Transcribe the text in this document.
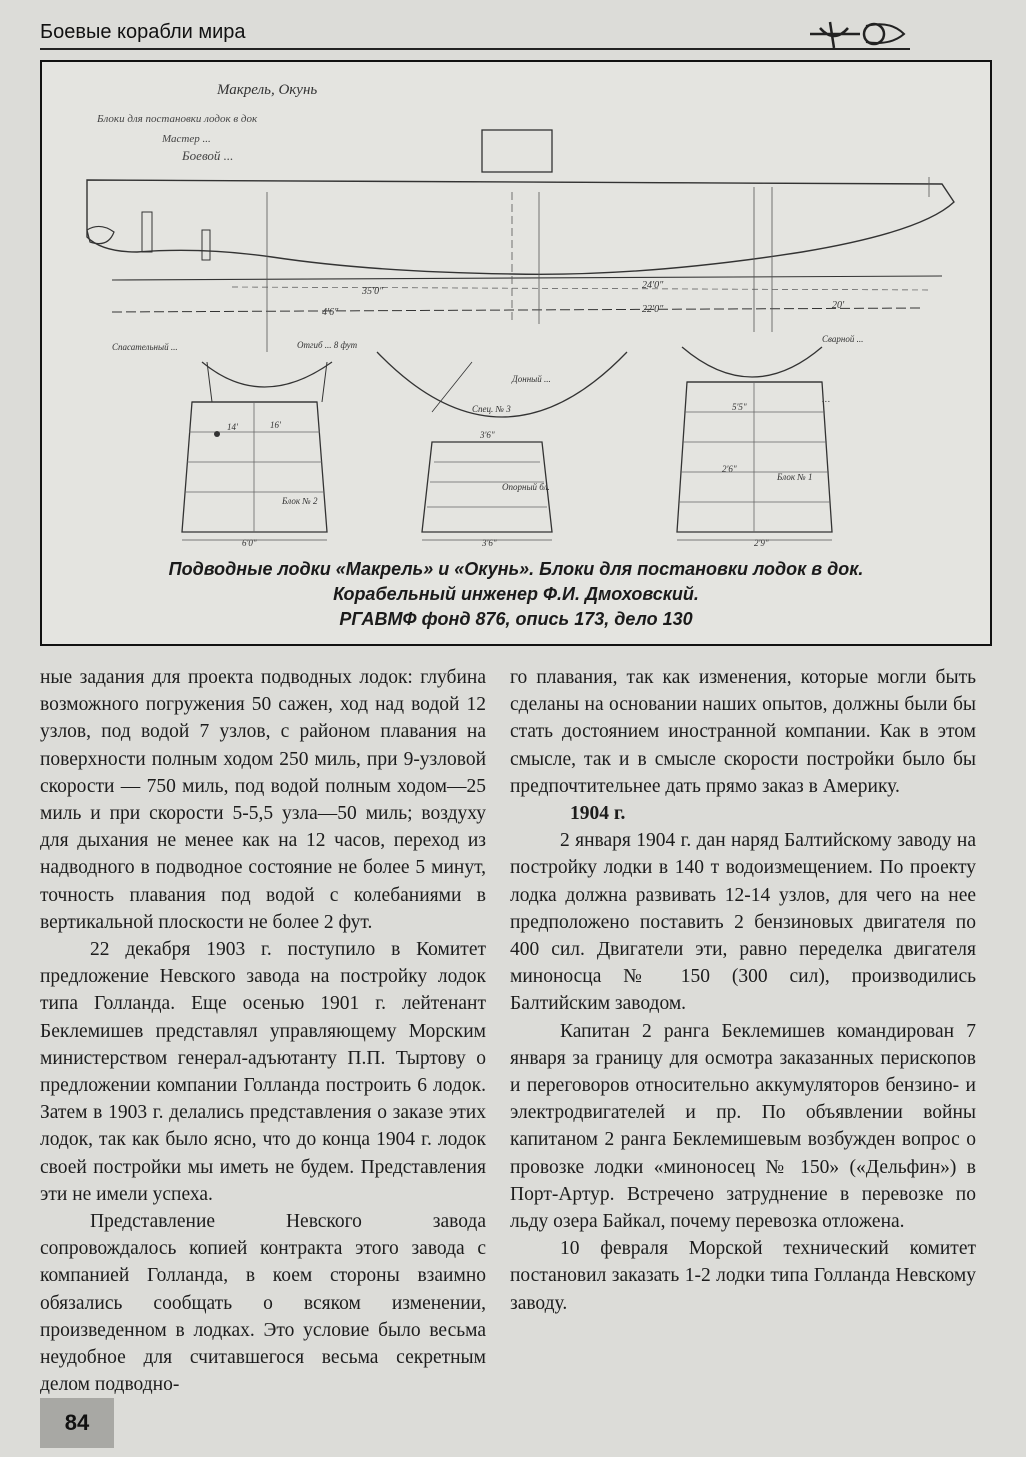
Боевые корабли мира
Макрель, Окунь
Блоки для постановки лодок в док
Мастер ...
Боевой ...
24'0"
35'0"
22'0"	20'
4'6"
14'	16'
Блок № 2
6'0"
Спасательный ...	Отгиб ... 8 фут
Спец. № 3
3'6"
Опорный бл.
3'6"
Донный ...
5'5"
2'6"
Блок № 1
2'9"
Сварной ...
…
Подводные лодки «Макрель» и «Окунь». Блоки для постановки лодок в док.
Корабельный инженер Ф.И. Дмоховский.
РГАВМФ фонд 876, опись 173, дело 130

ные задания для проекта подводных лодок: глубина возможного погружения 50 сажен, ход над водой 12 узлов, под водой 7 узлов, с районом плавания на поверхности полным ходом 250 миль, при 9-узловой скорости — 750 миль, под водой полным ходом—25 миль и при скорости 5-5,5 узла—50 миль; воздуху для дыхания не менее как на 12 часов, переход из надводного в подводное состояние не более 5 минут, точность плавания под водой с колебаниями в вертикальной плоскости не более 2 фут.

22 декабря 1903 г. поступило в Комитет предложение Невского завода на постройку лодок типа Голланда. Еще осенью 1901 г. лейтенант Беклемишев представлял управляющему Морским министерством генерал-адъютанту П.П. Тыртову о предложении компании Голланда построить 6 лодок. Затем в 1903 г. делались представления о заказе этих лодок, так как было ясно, что до конца 1904 г. лодок своей постройки мы иметь не будем. Представления эти не имели успеха.

Представление Невского завода сопровождалось копией контракта этого завода с компанией Голланда, в коем стороны взаимно обязались сообщать о всяком изменении, произведенном в лодках. Это условие было весьма неудобное для считавшегося весьма секретным делом подводно-

го плавания, так как изменения, которые могли быть сделаны на основании наших опытов, должны были бы стать достоянием иностранной компании. Как в этом смысле, так и в смысле скорости постройки было бы предпочтительнее дать прямо заказ в Америку.

1904 г.

2 января 1904 г. дан наряд Балтийскому заводу на постройку лодки в 140 т водоизмещением. По проекту лодка должна развивать 12-14 узлов, для чего на нее предположено поставить 2 бензиновых двигателя по 400 сил. Двигатели эти, равно переделка двигателя миноносца № 150 (300 сил), производились Балтийским заводом.

Капитан 2 ранга Беклемишев командирован 7 января за границу для осмотра заказанных перископов и переговоров относительно аккумуляторов бензино- и электродвигателей и пр. По объявлении войны капитаном 2 ранга Беклемишевым возбужден вопрос о провозке лодки «миноносец № 150» («Дельфин») в Порт-Артур. Встречено затруднение в перевозке по льду озера Байкал, почему перевозка отложена.

10 февраля Морской технический комитет постановил заказать 1-2 лодки типа Голланда Невскому заводу.

84
